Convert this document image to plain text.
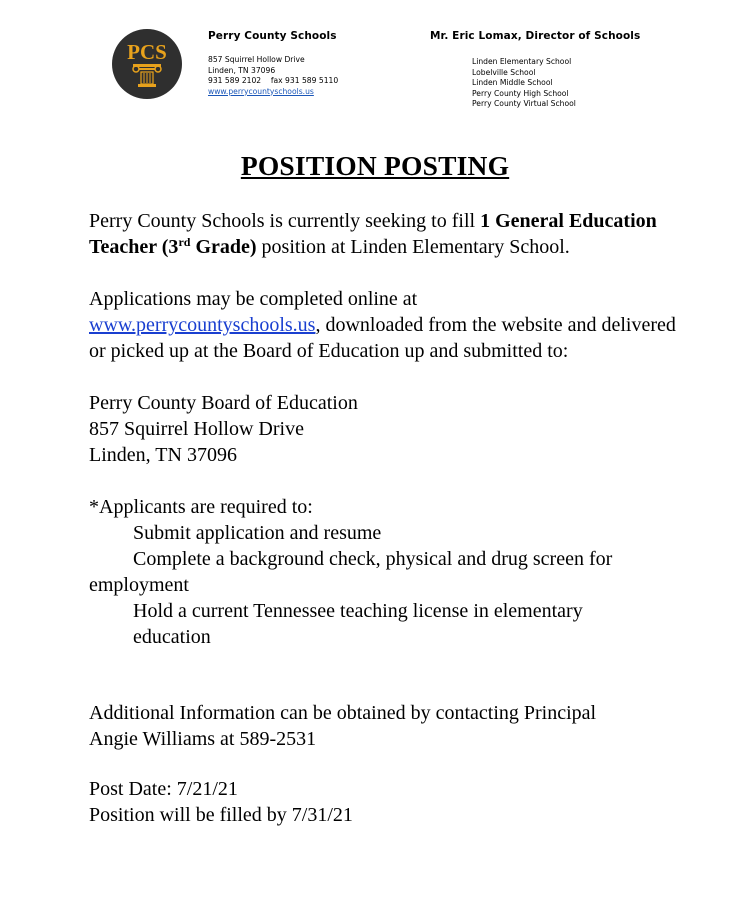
PCS
Perry County Schools
857 Squirrel Hollow Drive
Linden, TN 37096
931 589 2102 fax 931 589 5110
www.perrycountyschools.us
Mr. Eric Lomax, Director of Schools
Linden Elementary School
Lobelville School
Linden Middle School
Perry County High School
Perry County Virtual School
POSITION POSTING
Perry County Schools is currently seeking to fill 1 General Education Teacher (3rd Grade) position at Linden Elementary School.
Applications may be completed online at
www.perrycountyschools.us, downloaded from the website and delivered or picked up at the Board of Education up and submitted to:
Perry County Board of Education
857 Squirrel Hollow Drive
Linden, TN 37096
*Applicants are required to:
Submit application and resume
Complete a background check, physical and drug screen for
employment
Hold a current Tennessee teaching license in elementary
education
Additional Information can be obtained by contacting Principal
Angie Williams at 589-2531
Post Date: 7/21/21
Position will be filled by 7/31/21
